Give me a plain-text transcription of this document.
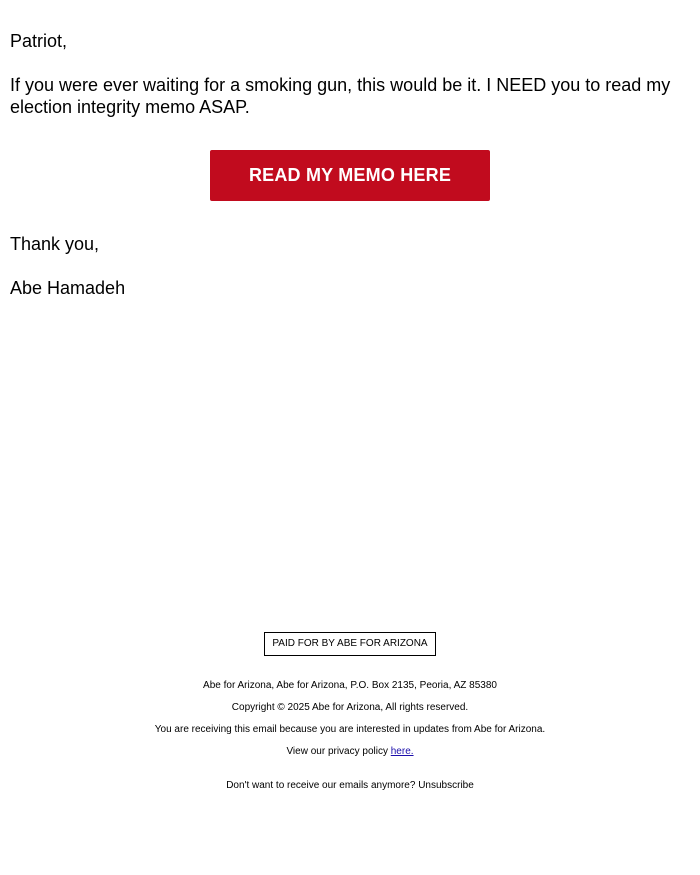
Patriot,

If you were ever waiting for a smoking gun, this would be it. I NEED you to read my election integrity memo ASAP.

READ MY MEMO HERE

Thank you,

Abe Hamadeh

PAID FOR BY ABE FOR ARIZONA

Abe for Arizona, Abe for Arizona, P.O. Box 2135, Peoria, AZ 85380

Copyright © 2025 Abe for Arizona, All rights reserved.

You are receiving this email because you are interested in updates from Abe for Arizona.

View our privacy policy here.

Don't want to receive our emails anymore? Unsubscribe
